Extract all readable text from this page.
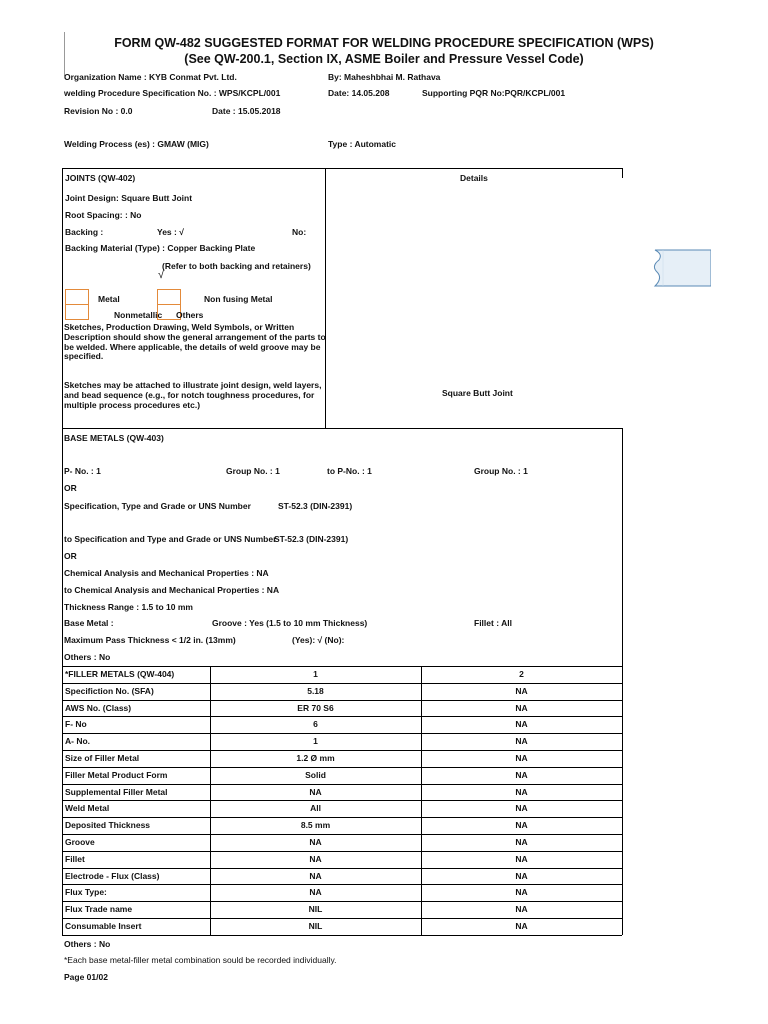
FORM QW-482 SUGGESTED FORMAT FOR WELDING PROCEDURE SPECIFICATION (WPS)
(See QW-200.1, Section IX, ASME Boiler and Pressure Vessel Code)
Organization Name : KYB Conmat Pvt. Ltd.	By: Maheshbhai M. Rathava
welding Procedure Specification No. : WPS/KCPL/001	Date: 14.05.208	Supporting PQR No:PQR/KCPL/001
Revision No : 0.0	Date : 15.05.2018
Welding Process (es) : GMAW (MIG)	Type : Automatic
JOINTS (QW-402)	Details
Joint Design: Square Butt Joint
Root Spacing: : No
Backing :	Yes : √	No:
Backing Material (Type) : Copper Backing Plate
(Refer to both backing and retainers)
√
Metal	Non fusing Metal
Nonmetallic Others
Sketches, Production Drawing, Weld Symbols, or Written Description should show the general arrangement of the parts to be welded. Where applicable, the details of weld groove may be specified.
Sketches may be attached to illustrate joint design, weld layers, and bead sequence (e.g., for notch toughness procedures, for multiple process procedures etc.)
Square Butt Joint
BASE METALS (QW-403)
P- No. : 1	Group No. : 1	to P-No. : 1	Group No. : 1
OR
Specification, Type and Grade or UNS Number	ST-52.3 (DIN-2391)
to Specification and Type and Grade or UNS Number
ST-52.3 (DIN-2391)
OR
Chemical Analysis and Mechanical Properties : NA
to Chemical Analysis and Mechanical Properties : NA
Thickness Range : 1.5 to 10 mm
Base Metal :	Groove : Yes (1.5 to 10 mm Thickness)	Fillet : All
Maximum Pass Thickness < 1/2 in. (13mm)	(Yes): √ (No):
Others : No
*FILLER METALS (QW-404)	1	2
Specifiction No. (SFA)	5.18	NA
AWS No. (Class)	ER 70 S6	NA
F- No	6	NA
A- No.	1	NA
Size of Filler Metal	1.2 Ø mm	NA
Filler Metal Product Form	Solid	NA
Supplemental Filler Metal	NA	NA
Weld Metal	All	NA
Deposited Thickness	8.5 mm	NA
Groove	NA	NA
Fillet	NA	NA
Electrode - Flux (Class)	NA	NA
Flux Type:	NA	NA
Flux Trade name	NIL	NA
Consumable Insert	NIL	NA
Others : No
*Each base metal-filler metal combination sould be recorded individually.
Page 01/02
